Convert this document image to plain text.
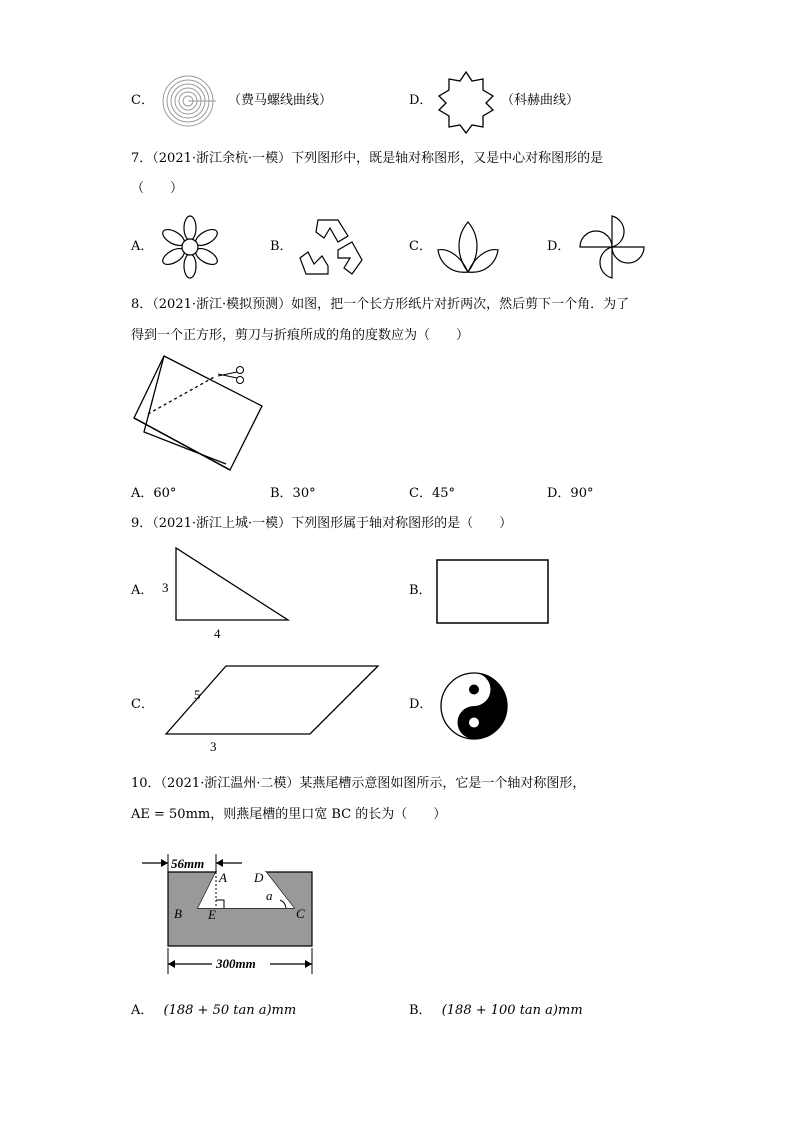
C．	（费马螺线曲线）	D．	（科赫曲线）
7．（2021·浙江余杭·一模）下列图形中，既是轴对称图形，又是中心对称图形的是
（　　）
A．	B．	C．	D．
8．（2021·浙江·模拟预测）如图，把一个长方形纸片对折两次，然后剪下一个角．为了
得到一个正方形，剪刀与折痕所成的角的度数应为（　　）
A．60°	B．30°	C．45°	D．90°
9．（2021·浙江上城·一模）下列图形属于轴对称图形的是（　　）
A． 3
4
B．
C．
5
3
D．
10．（2021·浙江温州·二模）某燕尾槽示意图如图所示，它是一个轴对称图形，
AE = 50mm，则燕尾槽的里口宽 BC 的长为（　　）
56mm
A
B	C
D
E
a
300mm
A． (188 + 50 tan a)mm	B． (188 + 100 tan a)mm
